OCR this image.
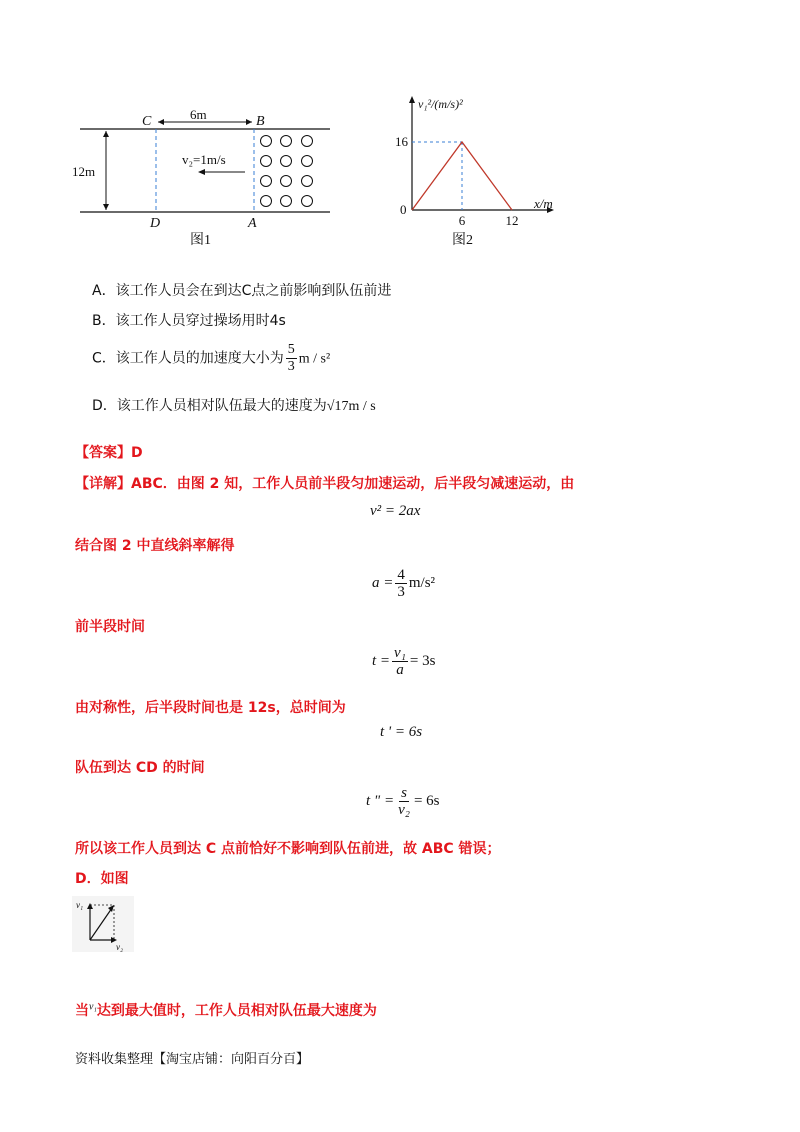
C	B
D	A
6m
12m
v₂=1m/s
图1
v₁²/(m/s)²
x/m
16
0
6	12
图2
A．该工作人员会在到达C点之前影响到队伍前进
B．该工作人员穿过操场用时4s
C．该工作人员的加速度大小为 $\frac{5}{3}$ m / s²
D．该工作人员相对队伍最大的速度为√17m / s
【答案】D
【详解】ABC．由图 2 知，工作人员前半段匀加速运动，后半段匀减速运动，由
v² = 2ax
结合图 2 中直线斜率解得
$a = \frac{4}{3} m/s^2$
前半段时间
$t = \frac{\text{v₁}}{a} = 3s$
由对称性，后半段时间也是 12s，总时间为
t ' = 6s
队伍到达 CD 的时间
t " = $\frac{s}{\text{v₂}} = 6s$
所以该工作人员到达 C 点前恰好不影响到队伍前进，故 ABC 错误；
D．如图
v₁
v₂
当$^{v_1}$达到最大值时，工作人员相对队伍最大速度为
资料收集整理【淘宝店铺：向阳百分百】
